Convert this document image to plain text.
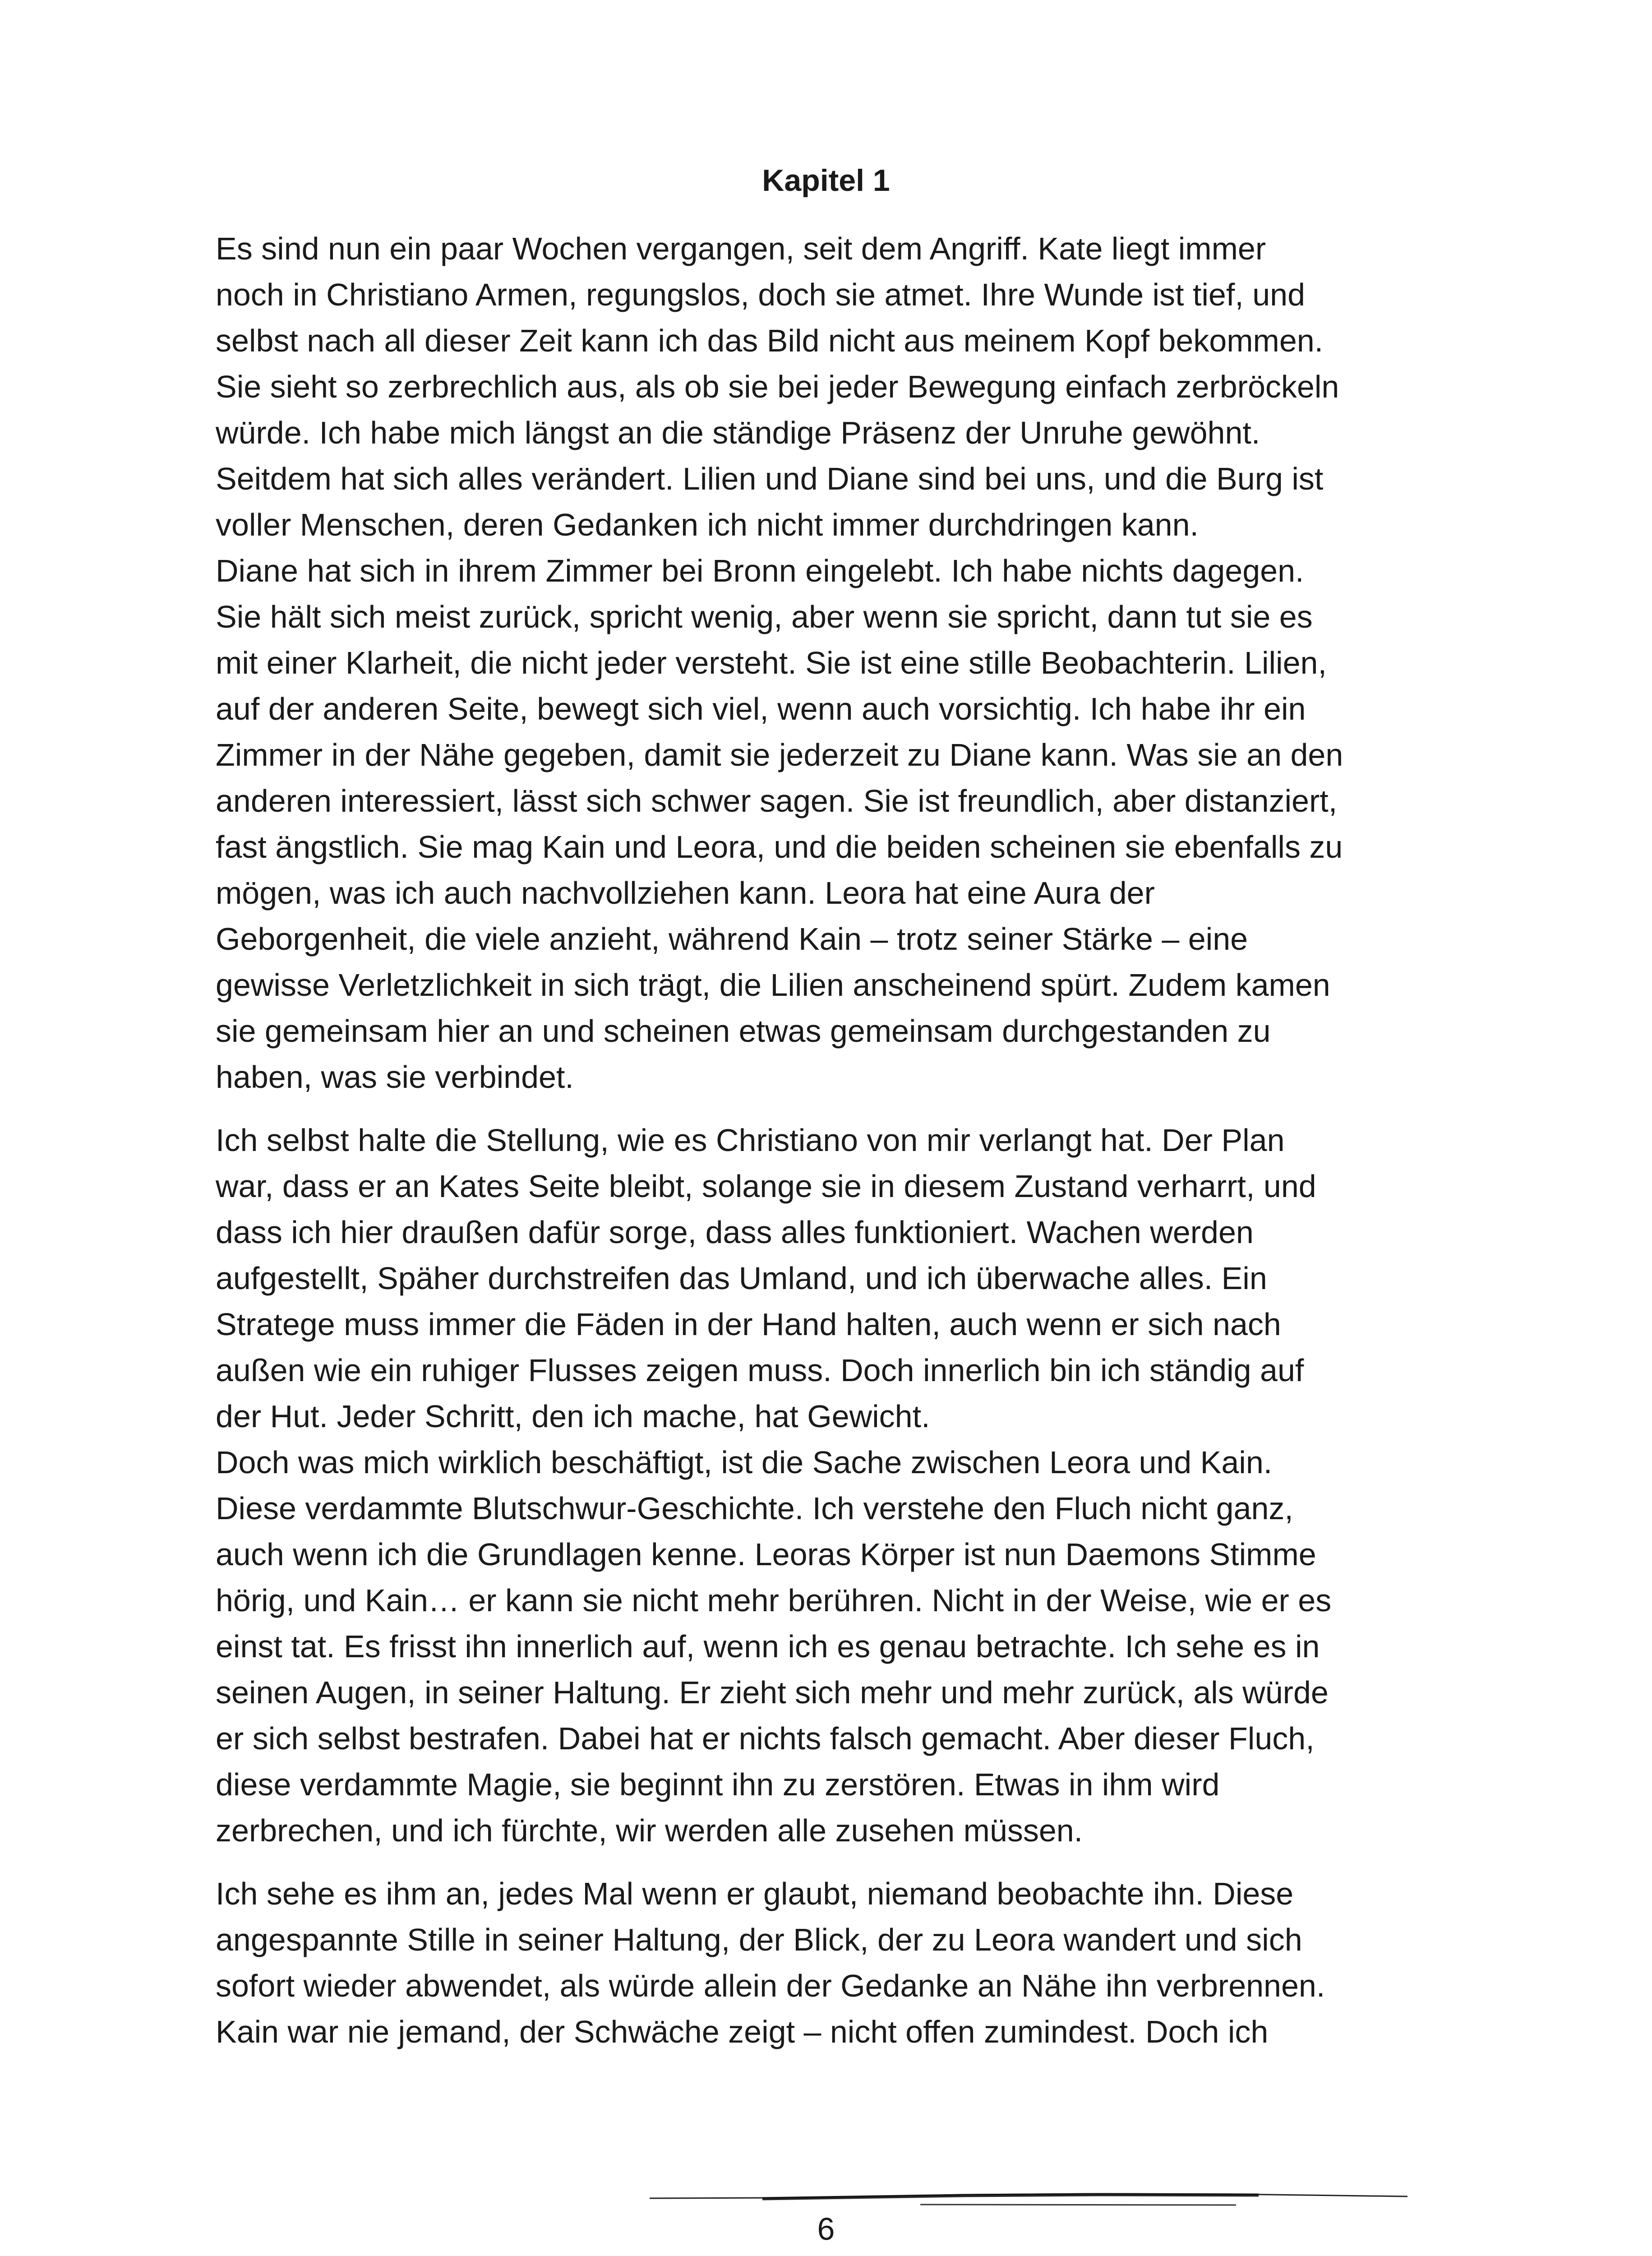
Kapitel 1
Es sind nun ein paar Wochen vergangen, seit dem Angriff. Kate liegt immer
noch in Christiano Armen, regungslos, doch sie atmet. Ihre Wunde ist tief, und
selbst nach all dieser Zeit kann ich das Bild nicht aus meinem Kopf bekommen.
Sie sieht so zerbrechlich aus, als ob sie bei jeder Bewegung einfach zerbröckeln
würde. Ich habe mich längst an die ständige Präsenz der Unruhe gewöhnt.
Seitdem hat sich alles verändert. Lilien und Diane sind bei uns, und die Burg ist
voller Menschen, deren Gedanken ich nicht immer durchdringen kann.
Diane hat sich in ihrem Zimmer bei Bronn eingelebt. Ich habe nichts dagegen.
Sie hält sich meist zurück, spricht wenig, aber wenn sie spricht, dann tut sie es
mit einer Klarheit, die nicht jeder versteht. Sie ist eine stille Beobachterin. Lilien,
auf der anderen Seite, bewegt sich viel, wenn auch vorsichtig. Ich habe ihr ein
Zimmer in der Nähe gegeben, damit sie jederzeit zu Diane kann. Was sie an den
anderen interessiert, lässt sich schwer sagen. Sie ist freundlich, aber distanziert,
fast ängstlich. Sie mag Kain und Leora, und die beiden scheinen sie ebenfalls zu
mögen, was ich auch nachvollziehen kann. Leora hat eine Aura der
Geborgenheit, die viele anzieht, während Kain – trotz seiner Stärke – eine
gewisse Verletzlichkeit in sich trägt, die Lilien anscheinend spürt. Zudem kamen
sie gemeinsam hier an und scheinen etwas gemeinsam durchgestanden zu
haben, was sie verbindet.
Ich selbst halte die Stellung, wie es Christiano von mir verlangt hat. Der Plan
war, dass er an Kates Seite bleibt, solange sie in diesem Zustand verharrt, und
dass ich hier draußen dafür sorge, dass alles funktioniert. Wachen werden
aufgestellt, Späher durchstreifen das Umland, und ich überwache alles. Ein
Stratege muss immer die Fäden in der Hand halten, auch wenn er sich nach
außen wie ein ruhiger Flusses zeigen muss. Doch innerlich bin ich ständig auf
der Hut. Jeder Schritt, den ich mache, hat Gewicht.
Doch was mich wirklich beschäftigt, ist die Sache zwischen Leora und Kain.
Diese verdammte Blutschwur-Geschichte. Ich verstehe den Fluch nicht ganz,
auch wenn ich die Grundlagen kenne. Leoras Körper ist nun Daemons Stimme
hörig, und Kain… er kann sie nicht mehr berühren. Nicht in der Weise, wie er es
einst tat. Es frisst ihn innerlich auf, wenn ich es genau betrachte. Ich sehe es in
seinen Augen, in seiner Haltung. Er zieht sich mehr und mehr zurück, als würde
er sich selbst bestrafen. Dabei hat er nichts falsch gemacht. Aber dieser Fluch,
diese verdammte Magie, sie beginnt ihn zu zerstören. Etwas in ihm wird
zerbrechen, und ich fürchte, wir werden alle zusehen müssen.
Ich sehe es ihm an, jedes Mal wenn er glaubt, niemand beobachte ihn. Diese
angespannte Stille in seiner Haltung, der Blick, der zu Leora wandert und sich
sofort wieder abwendet, als würde allein der Gedanke an Nähe ihn verbrennen.
Kain war nie jemand, der Schwäche zeigt – nicht offen zumindest. Doch ich
6
